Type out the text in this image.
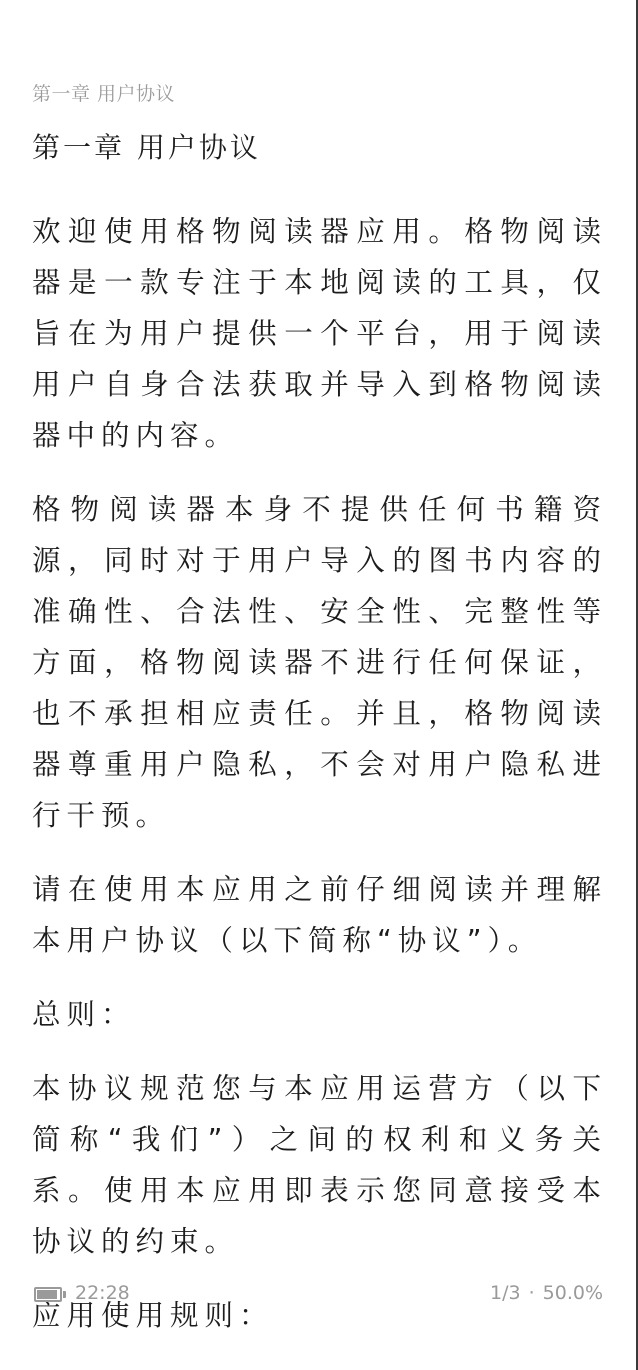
第一章 用户协议
第一章 用户协议

欢迎使用格物阅读器应用。格物阅读器是一款专注于本地阅读的工具，仅旨在为用户提供一个平台，用于阅读用户自身合法获取并导入到格物阅读器中的内容。

格物阅读器本身不提供任何书籍资源，同时对于用户导入的图书内容的准确性、合法性、安全性、完整性等方面，格物阅读器不进行任何保证，也不承担相应责任。并且，格物阅读器尊重用户隐私，不会对用户隐私进行干预。

请在使用本应用之前仔细阅读并理解本用户协议（以下简称“协议”）。

总则：

本协议规范您与本应用运营方（以下简称“我们”）之间的权利和义务关系。使用本应用即表示您同意接受本协议的约束。

应用使用规则：

22:28	1/3 · 50.0%
